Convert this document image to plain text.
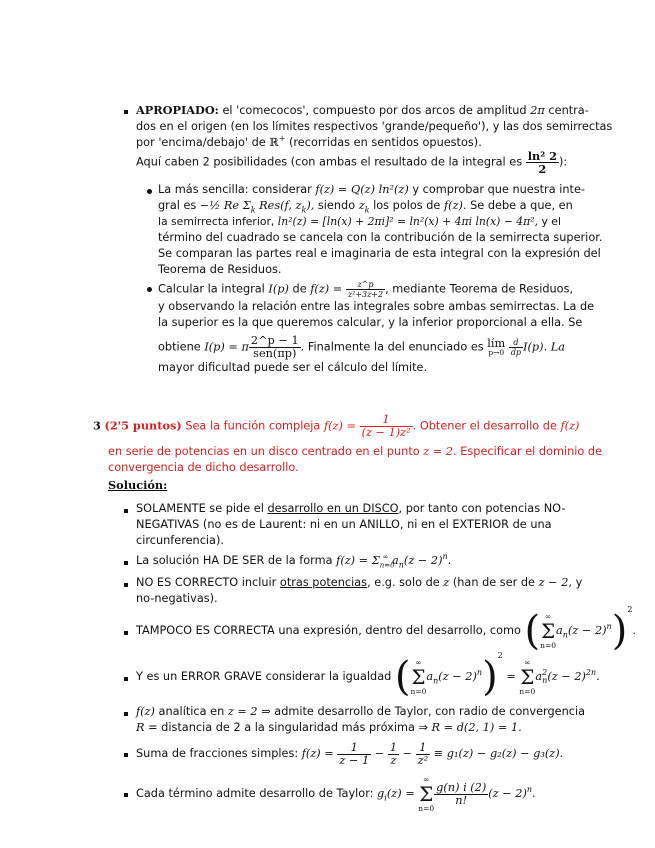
APROPIADO: el 'comecocos', compuesto por dos arcos de amplitud 2π centra-
dos en el origen (en los límites respectivos 'grande/pequeño'), y las dos semirrectas
por 'encima/debajo' de ℝ+ (recorridas en sentidos opuestos).
Aquí caben 2 posibilidades (con ambas el resultado de la integral es $\frac{\text{ln² 2}}{2}$ ):
La más sencilla: considerar f(z) = Q(z) ln²(z) y comprobar que nuestra inte-
gral es −½ Re $\Sigma_k$ Res(f, $z_k$), siendo $z_k$ los polos de f(z). Se debe a que, en
la semirrecta inferior, ln²(z) = [ln(x) + 2πi]² = ln²(x) + 4πi ln(x) − 4π², y el
término del cuadrado se cancela con la contribución de la semirrecta superior.
Se comparan las partes real e imaginaria de esta integral con la expresión del
Teorema de Residuos.
Calcular la integral I(p) de $f(z) = \frac{z\^{}p}{\text{z²+3z+2}}$ , mediante Teorema de Residuos,
y observando la relación entre las integrales sobre ambas semirrectas. La de
la superior es la que queremos calcular, y la inferior proporcional a ella. Se
obtiene I(p) = π $\frac{2\^{}p - 1}{\text{sen(πp)}}$ . Finalmente la del enunciado es lím
p→0
$\frac{d}{dp} I(p)$. La
mayor dificultad puede ser el cálculo del límite.
3 (2'5 puntos) Sea la función compleja $f(z) = \frac{1}{\text{(z − 1)z²}}$ . Obtener el desarrollo de f(z)
en serie de potencias en un disco centrado en el punto z = 2. Especificar el dominio de
convergencia de dicho desarrollo.
Solución:
SOLAMENTE se pide el desarrollo en un DISCO, por tanto con potencias NO-
NEGATIVAS (no es de Laurent: ni en un ANILLO, ni en el EXTERIOR de una
circunferencia).
La solución HA DE SER de la forma $f(z) = \Sigma_{n=0}^\infty$ $a_n(z - 2)^n$.
NO ES CORRECTO incluir otras potencias, e.g. solo de z (han de ser de z − 2, y
no-negativas).
TAMPOCO ES CORRECTA una expresión, dentro del desarrollo, como ( ∞
Σ
n=0
$a_n(z - 2)^n)^2$.
Y es un ERROR GRAVE considerar la igualdad ( ∞
Σ
n=0
$a_n(z - 2)^n)^2$ =
∞
Σ
n=0
$a^2_n(z - 2)^{2n}$.
f(z) analítica en z = 2 ⇒ admite desarrollo de Taylor, con radio de convergencia
R = distancia de 2 a la singularidad más próxima ⇒ R = d(2, 1) = 1.
Suma de fracciones simples: $f(z) = \frac{1}{z - 1} - \frac{1}{z} - \frac{1}{\text{z²}} \equiv g_1(z) - g_2(z) - g_3(z)$.
Cada término admite desarrollo de Taylor: $g_i(z)$ =
∞
Σ
n=0
$\frac{g(n) i (2)}{n!} (z - 2)^n$.
